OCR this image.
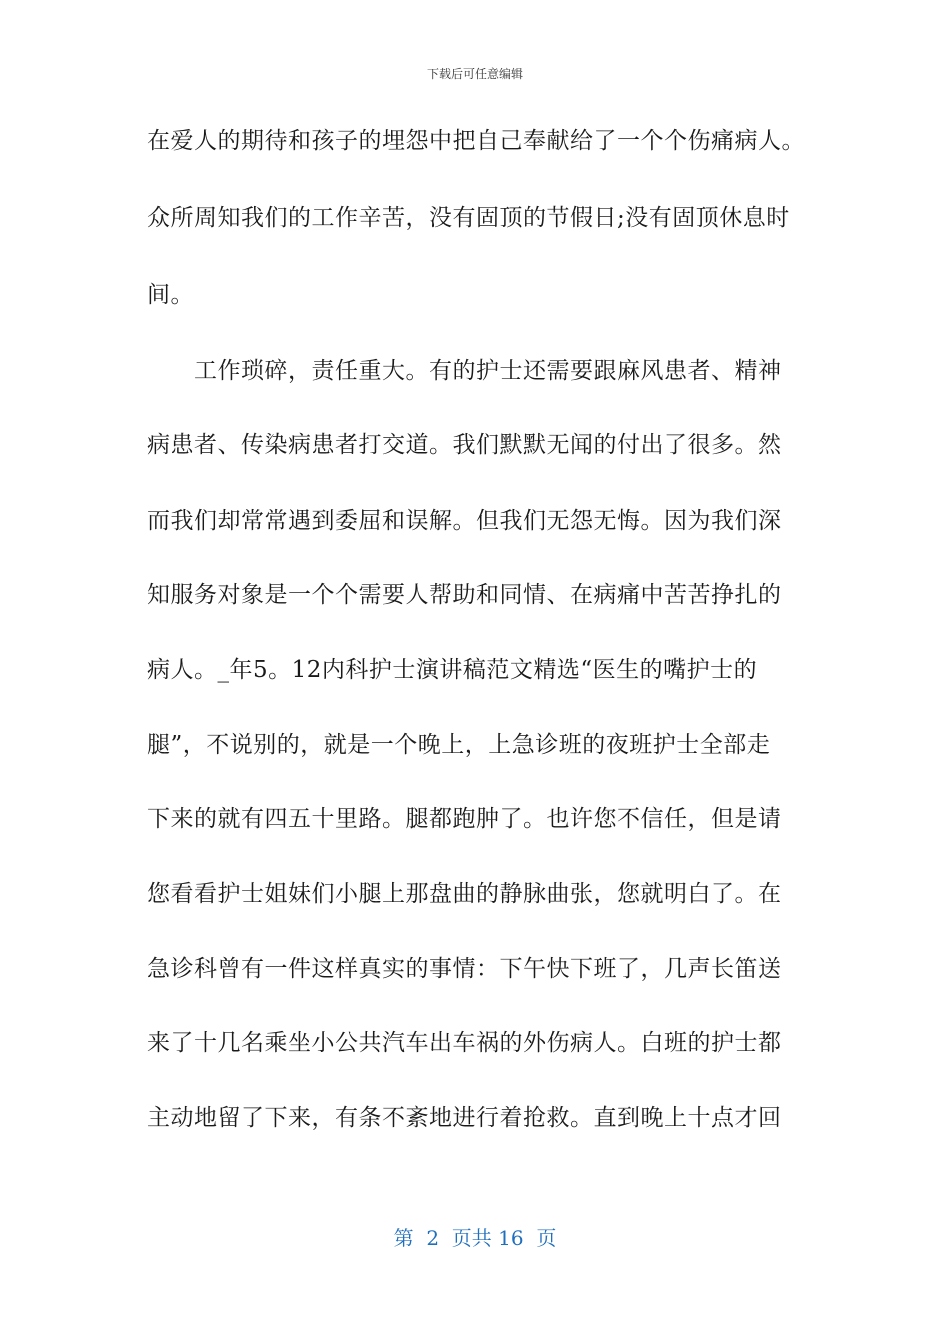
下载后可任意编辑
在爱人的期待和孩子的埋怨中把自己奉献给了一个个伤痛病人。
众所周知我们的工作辛苦，没有固顶的节假日;没有固顶休息时
间。
工作琐碎，责任重大。有的护士还需要跟麻风患者、精神
病患者、传染病患者打交道。我们默默无闻的付出了很多。然
而我们却常常遇到委屈和误解。但我们无怨无悔。因为我们深
知服务对象是一个个需要人帮助和同情、在病痛中苦苦挣扎的
病人。_年5。12内科护士演讲稿范文精选“医生的嘴护士的
腿”，不说别的，就是一个晚上，上急诊班的夜班护士全部走
下来的就有四五十里路。腿都跑肿了。也许您不信任，但是请
您看看护士姐妹们小腿上那盘曲的静脉曲张，您就明白了。在
急诊科曾有一件这样真实的事情：下午快下班了，几声长笛送
来了十几名乘坐小公共汽车出车祸的外伤病人。白班的护士都
主动地留了下来，有条不紊地进行着抢救。直到晚上十点才回
第  2  页共 16  页
